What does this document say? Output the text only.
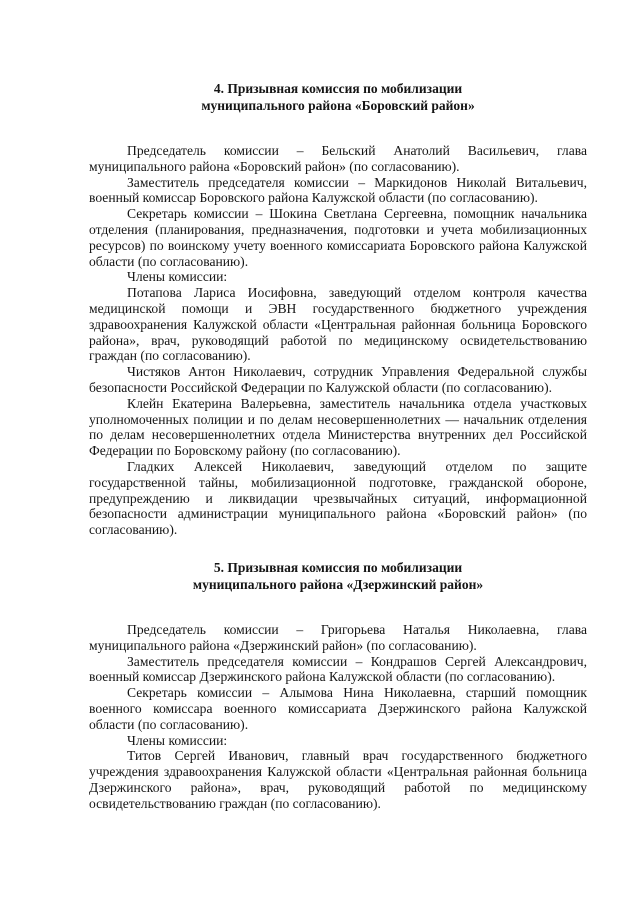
4. Призывная комиссия по мобилизации
муниципального района «Боровский район»

Председатель комиссии – Бельский Анатолий Васильевич, глава муниципального района «Боровский район» (по согласованию).

Заместитель председателя комиссии – Маркидонов Николай Витальевич, военный комиссар Боровского района Калужской области (по согласованию).

Секретарь комиссии – Шокина Светлана Сергеевна, помощник начальника отделения (планирования, предназначения, подготовки и учета мобилизационных ресурсов) по воинскому учету военного комиссариата Боровского района Калужской области (по согласованию).

Члены комиссии:

Потапова Лариса Иосифовна, заведующий отделом контроля качества медицинской помощи и ЭВН государственного бюджетного учреждения здравоохранения Калужской области «Центральная районная больница Боровского района», врач, руководящий работой по медицинскому освидетельствованию граждан (по согласованию).

Чистяков Антон Николаевич, сотрудник Управления Федеральной службы безопасности Российской Федерации по Калужской области (по согласованию).

Клейн Екатерина Валерьевна, заместитель начальника отдела участковых уполномоченных полиции и по делам несовершеннолетних — начальник отделения по делам несовершеннолетних отдела Министерства внутренних дел Российской Федерации по Боровскому району (по согласованию).

Гладких Алексей Николаевич, заведующий отделом по защите государственной тайны, мобилизационной подготовке, гражданской обороне, предупреждению и ликвидации чрезвычайных ситуаций, информационной безопасности администрации муниципального района «Боровский район» (по согласованию).

5. Призывная комиссия по мобилизации
муниципального района «Дзержинский район»

Председатель комиссии – Григорьева Наталья Николаевна, глава муниципального района «Дзержинский район» (по согласованию).

Заместитель председателя комиссии – Кондрашов Сергей Александрович, военный комиссар Дзержинского района Калужской области (по согласованию).

Секретарь комиссии – Алымова Нина Николаевна, старший помощник военного комиссара военного комиссариата Дзержинского района Калужской области (по согласованию).

Члены комиссии:

Титов Сергей Иванович, главный врач государственного бюджетного учреждения здравоохранения Калужской области «Центральная районная больница Дзержинского района», врач, руководящий работой по медицинскому освидетельствованию граждан (по согласованию).
